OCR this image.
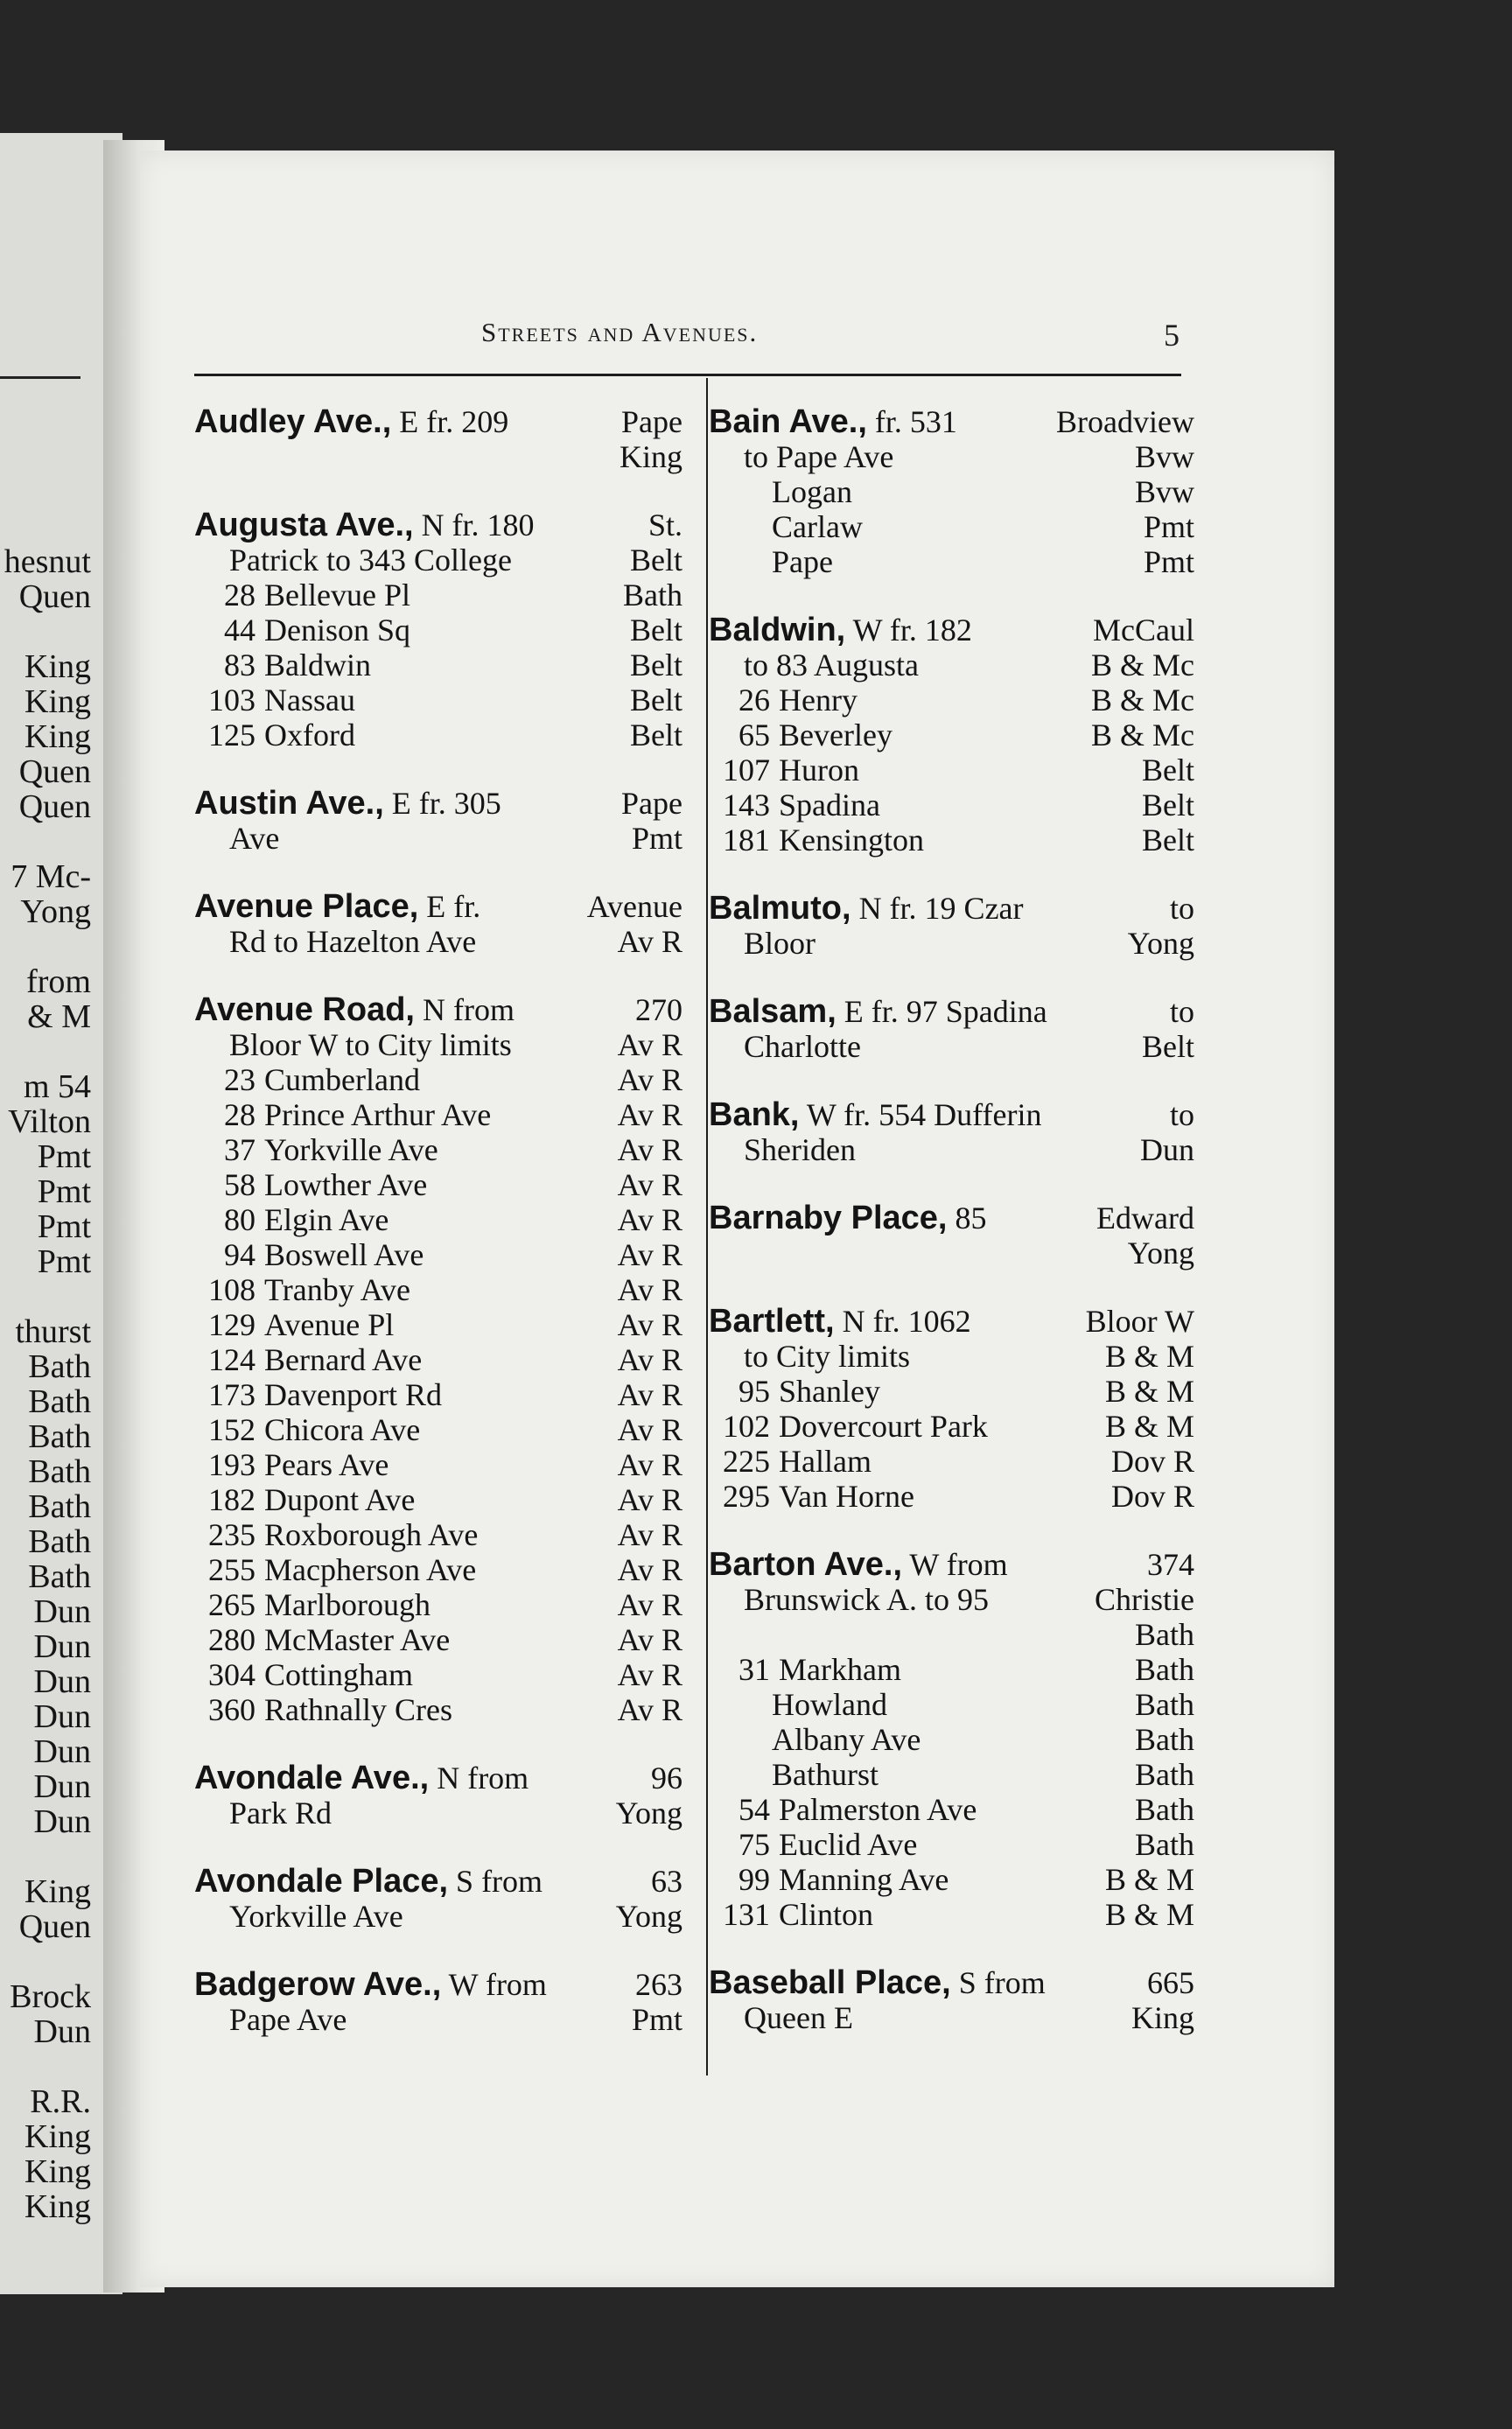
hesnut
Quen
King
King
King
Quen
Quen
7 Mc-
Yong
from
& M
m 54
Vilton
Pmt
Pmt
Pmt
Pmt
thurst
Bath
Bath
Bath
Bath
Bath
Bath
Bath
Dun
Dun
Dun
Dun
Dun
Dun
Dun
King
Quen
Brock
Dun
R.R.
King
King
King
Streets and Avenues.	5
Audley Ave., E fr. 209	Pape
King
Augusta Ave., N fr. 180	St.
Patrick to 343 College	Belt
28 Bellevue Pl	Bath
44 Denison Sq	Belt
83 Baldwin	Belt
103 Nassau	Belt
125 Oxford	Belt
Austin Ave., E fr. 305	Pape
Ave	Pmt
Avenue Place, E fr.	Avenue
Rd to Hazelton Ave	Av R
Avenue Road, N from	270
Bloor W to City limits	Av R
23 Cumberland	Av R
28 Prince Arthur Ave	Av R
37 Yorkville Ave	Av R
58 Lowther Ave	Av R
80 Elgin Ave	Av R
94 Boswell Ave	Av R
108 Tranby Ave	Av R
129 Avenue Pl	Av R
124 Bernard Ave	Av R
173 Davenport Rd	Av R
152 Chicora Ave	Av R
193 Pears Ave	Av R
182 Dupont Ave	Av R
235 Roxborough Ave	Av R
255 Macpherson Ave	Av R
265 Marlborough	Av R
280 McMaster Ave	Av R
304 Cottingham	Av R
360 Rathnally Cres	Av R
Avondale Ave., N from	96
Park Rd	Yong
Avondale Place, S from	63
Yorkville Ave	Yong
Badgerow Ave., W from	263
Pape Ave	Pmt
Bain Ave., fr. 531	Broadview
to Pape Ave	Bvw
Logan	Bvw
Carlaw	Pmt
Pape	Pmt
Baldwin, W fr. 182	McCaul
to 83 Augusta	B & Mc
26 Henry	B & Mc
65 Beverley	B & Mc
107 Huron	Belt
143 Spadina	Belt
181 Kensington	Belt
Balmuto, N fr. 19 Czar	to
Bloor	Yong
Balsam, E fr. 97 Spadina	to
Charlotte	Belt
Bank, W fr. 554 Dufferin	to
Sheriden	Dun
Barnaby Place, 85	Edward
Yong
Bartlett, N fr. 1062	Bloor W
to City limits	B & M
95 Shanley	B & M
102 Dovercourt Park	B & M
225 Hallam	Dov R
295 Van Horne	Dov R
Barton Ave., W from	374
Brunswick A. to 95	Christie
Bath
31 Markham	Bath
Howland	Bath
Albany Ave	Bath
Bathurst	Bath
54 Palmerston Ave	Bath
75 Euclid Ave	Bath
99 Manning Ave	B & M
131 Clinton	B & M
Baseball Place, S from	665
Queen E	King
